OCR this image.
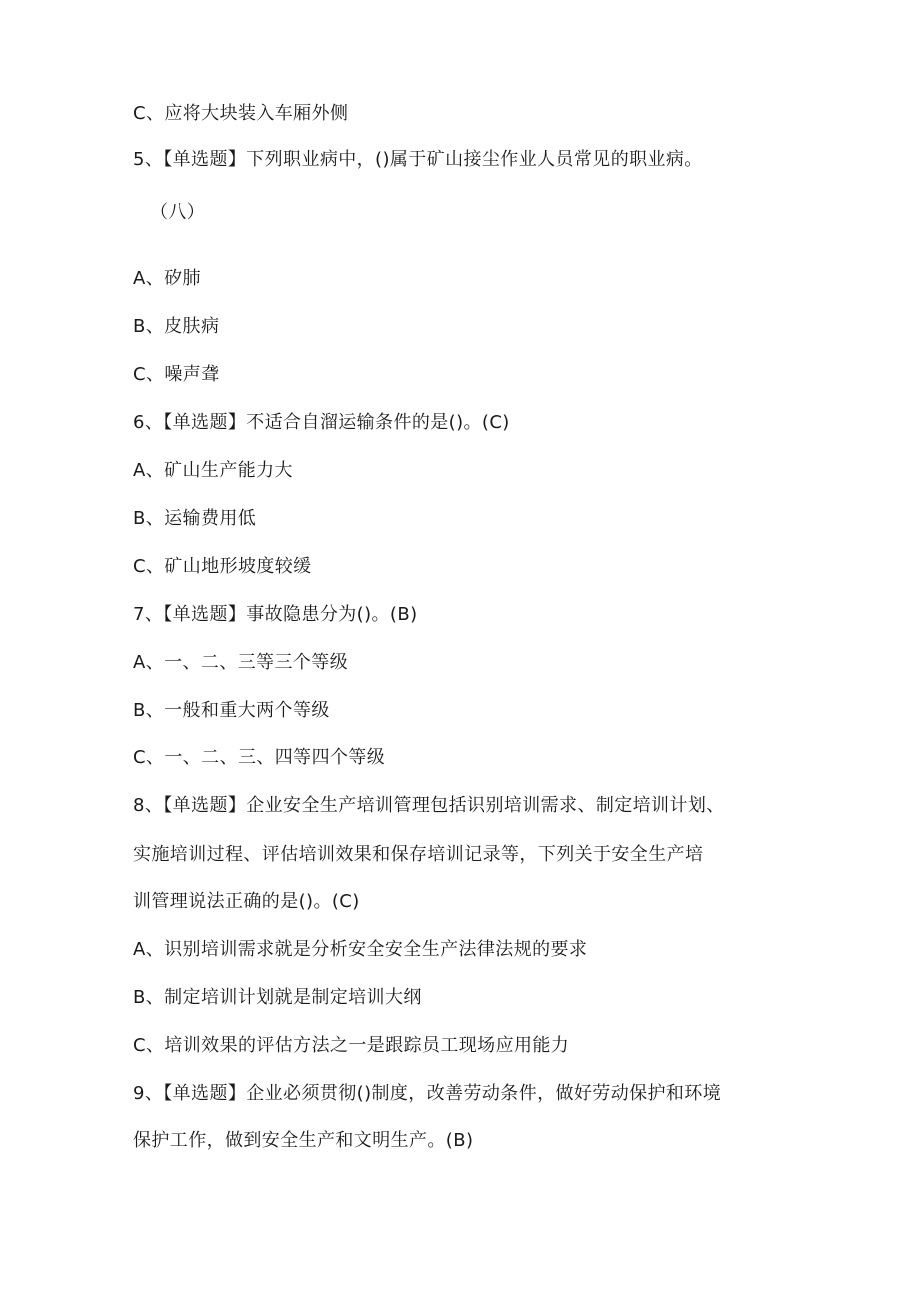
C、应将大块装入车厢外侧
5、【单选题】下列职业病中，()属于矿山接尘作业人员常见的职业病。
（八）
A、矽肺
B、皮肤病
C、噪声聋
6、【单选题】不适合自溜运输条件的是()。(C)
A、矿山生产能力大
B、运输费用低
C、矿山地形坡度较缓
7、【单选题】事故隐患分为()。(B)
A、一、二、三等三个等级
B、一般和重大两个等级
C、一、二、三、四等四个等级
8、【单选题】企业安全生产培训管理包括识别培训需求、制定培训计划、
实施培训过程、评估培训效果和保存培训记录等，下列关于安全生产培
训管理说法正确的是()。(C)
A、识别培训需求就是分析安全安全生产法律法规的要求
B、制定培训计划就是制定培训大纲
C、培训效果的评估方法之一是跟踪员工现场应用能力
9、【单选题】企业必须贯彻()制度，改善劳动条件，做好劳动保护和环境
保护工作，做到安全生产和文明生产。(B)
